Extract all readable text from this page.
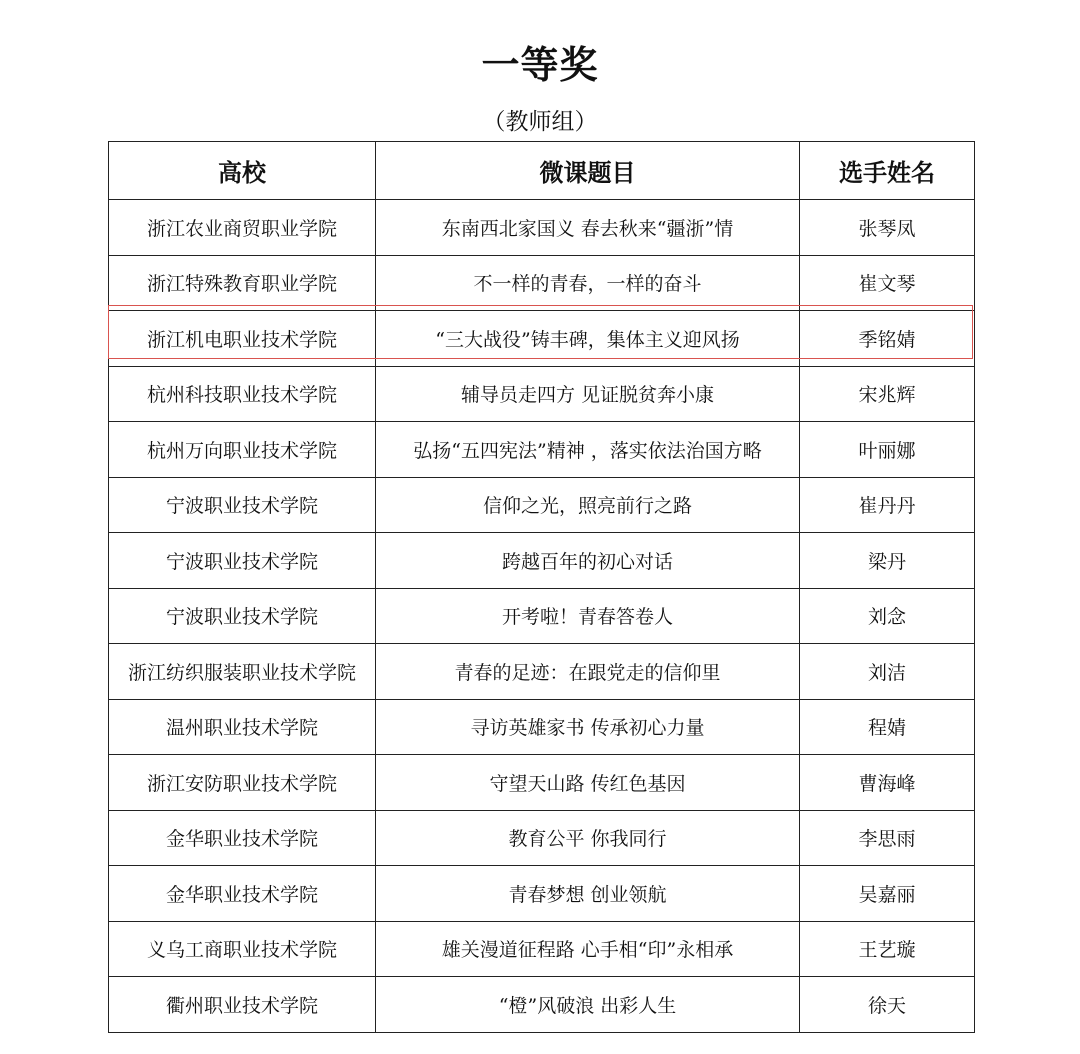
一等奖
（教师组）
高校	微课题目	选手姓名
浙江农业商贸职业学院	东南西北家国义 春去秋来“疆浙”情	张琴凤
浙江特殊教育职业学院	不一样的青春，一样的奋斗	崔文琴
浙江机电职业技术学院	“三大战役”铸丰碑，集体主义迎风扬	季铭婧
杭州科技职业技术学院	辅导员走四方 见证脱贫奔小康	宋兆辉
杭州万向职业技术学院	弘扬“五四宪法”精神 ，落实依法治国方略	叶丽娜
宁波职业技术学院	信仰之光，照亮前行之路	崔丹丹
宁波职业技术学院	跨越百年的初心对话	梁丹
宁波职业技术学院	开考啦！青春答卷人	刘念
浙江纺织服装职业技术学院	青春的足迹：在跟党走的信仰里	刘洁
温州职业技术学院	寻访英雄家书 传承初心力量	程婧
浙江安防职业技术学院	守望天山路 传红色基因	曹海峰
金华职业技术学院	教育公平 你我同行	李思雨
金华职业技术学院	青春梦想 创业领航	吴嘉丽
义乌工商职业技术学院	雄关漫道征程路 心手相“印”永相承	王艺璇
衢州职业技术学院	“橙”风破浪 出彩人生	徐天
